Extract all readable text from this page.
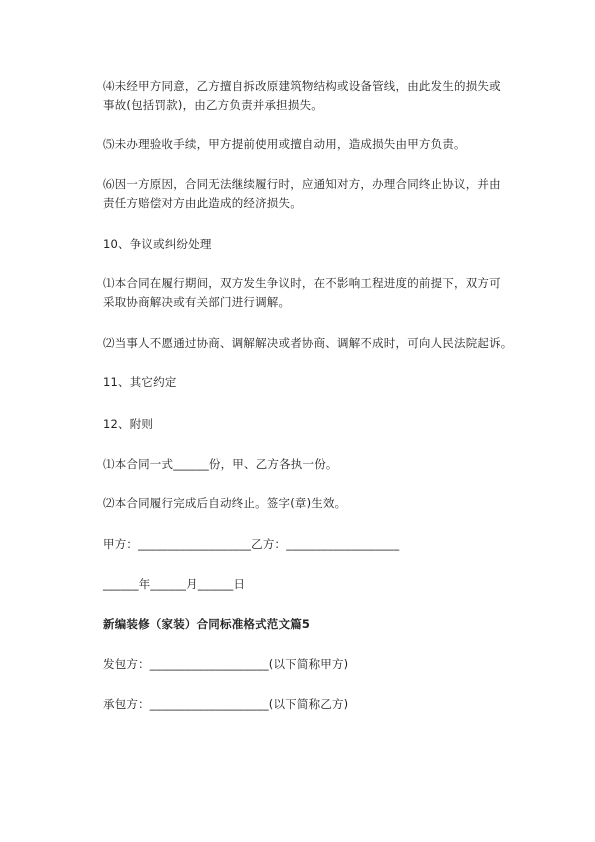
⑷未经甲方同意，乙方擅自拆改原建筑物结构或设备管线，由此发生的损失或
事故(包括罚款)，由乙方负责并承担损失。
⑸未办理验收手续，甲方提前使用或擅自动用，造成损失由甲方负责。
⑹因一方原因，合同无法继续履行时，应通知对方，办理合同终止协议，并由
责任方赔偿对方由此造成的经济损失。
10、争议或纠纷处理
⑴本合同在履行期间，双方发生争议时，在不影响工程进度的前提下，双方可
采取协商解决或有关部门进行调解。
⑵当事人不愿通过协商、调解解决或者协商、调解不成时，可向人民法院起诉。
11、其它约定
12、附则
⑴本合同一式______份，甲、乙方各执一份。
⑵本合同履行完成后自动终止。签字(章)生效。
甲方：___________________乙方：___________________
______年______月______日
新编装修（家装）合同标准格式范文篇5
发包方：____________________(以下简称甲方)
承包方：____________________(以下简称乙方)
